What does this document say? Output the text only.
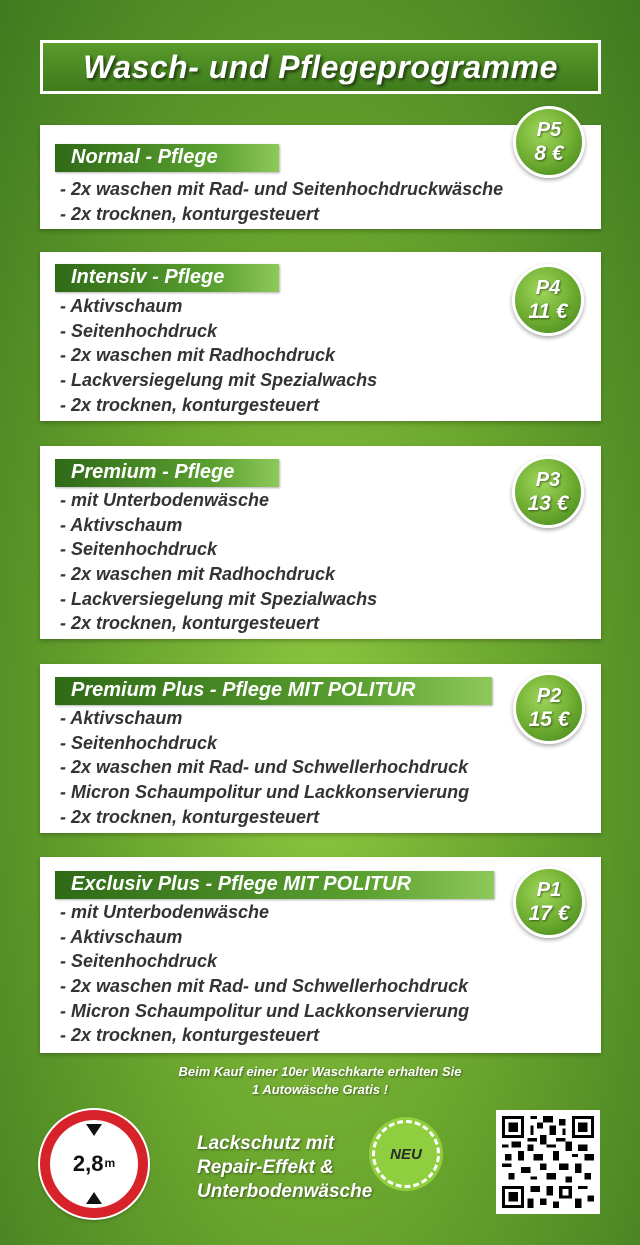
Wasch- und Pflegeprogramme
Normal - Pflege
- 2x waschen mit Rad- und Seitenhochdruckwäsche
- 2x trocknen, konturgesteuert
P5
8 €
Intensiv - Pflege
- Aktivschaum
- Seitenhochdruck
- 2x waschen mit Radhochdruck
- Lackversiegelung mit Spezialwachs
- 2x trocknen, konturgesteuert
P4
11 €
Premium - Pflege
- mit Unterbodenwäsche
- Aktivschaum
- Seitenhochdruck
- 2x waschen mit Radhochdruck
- Lackversiegelung mit Spezialwachs
- 2x trocknen, konturgesteuert
P3
13 €
Premium Plus - Pflege MIT POLITUR
- Aktivschaum
- Seitenhochdruck
- 2x waschen mit Rad- und Schwellerhochdruck
- Micron Schaumpolitur und Lackkonservierung
- 2x trocknen, konturgesteuert
P2
15 €
Exclusiv Plus - Pflege MIT POLITUR
- mit Unterbodenwäsche
- Aktivschaum
- Seitenhochdruck
- 2x waschen mit Rad- und Schwellerhochdruck
- Micron Schaumpolitur und Lackkonservierung
- 2x trocknen, konturgesteuert
P1
17 €
Beim Kauf einer 10er Waschkarte erhalten Sie
1 Autowäsche Gratis !
2,8 m
Lackschutz mit
Repair-Effekt &
Unterbodenwäsche
NEU
